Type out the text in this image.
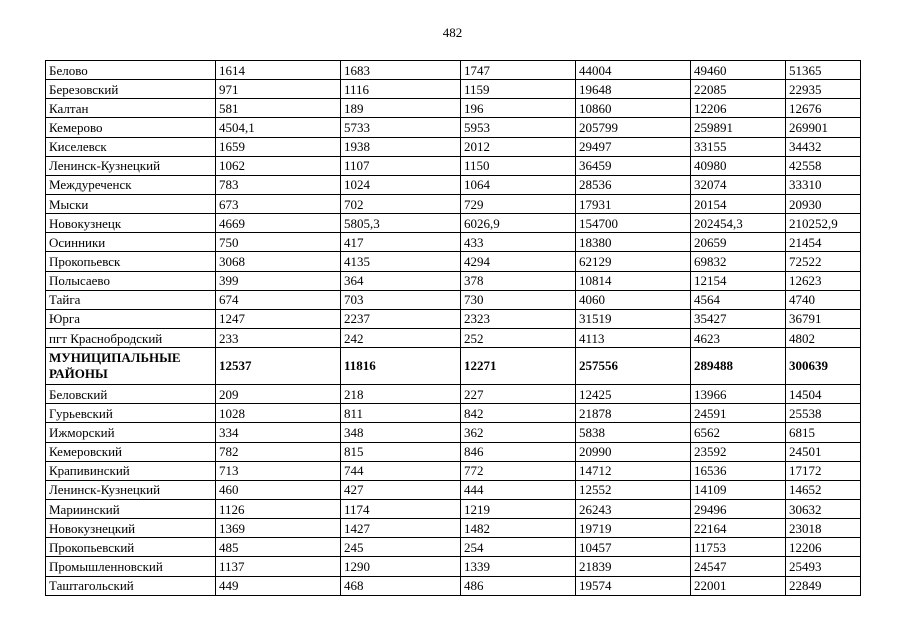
482
Белово	1614	1683	1747	44004	49460	51365
Березовский	971	1116	1159	19648	22085	22935
Калтан	581	189	196	10860	12206	12676
Кемерово	4504,1	5733	5953	205799	259891	269901
Киселевск	1659	1938	2012	29497	33155	34432
Ленинск-Кузнецкий	1062	1107	1150	36459	40980	42558
Междуреченск	783	1024	1064	28536	32074	33310
Мыски	673	702	729	17931	20154	20930
Новокузнецк	4669	5805,3	6026,9	154700	202454,3	210252,9
Осинники	750	417	433	18380	20659	21454
Прокопьевск	3068	4135	4294	62129	69832	72522
Полысаево	399	364	378	10814	12154	12623
Тайга	674	703	730	4060	4564	4740
Юрга	1247	2237	2323	31519	35427	36791
пгт Краснобродский	233	242	252	4113	4623	4802
МУНИЦИПАЛЬНЫЕ РАЙОНЫ	12537	11816	12271	257556	289488	300639
Беловский	209	218	227	12425	13966	14504
Гурьевский	1028	811	842	21878	24591	25538
Ижморский	334	348	362	5838	6562	6815
Кемеровский	782	815	846	20990	23592	24501
Крапивинский	713	744	772	14712	16536	17172
Ленинск-Кузнецкий	460	427	444	12552	14109	14652
Мариинский	1126	1174	1219	26243	29496	30632
Новокузнецкий	1369	1427	1482	19719	22164	23018
Прокопьевский	485	245	254	10457	11753	12206
Промышленновский	1137	1290	1339	21839	24547	25493
Таштагольский	449	468	486	19574	22001	22849
